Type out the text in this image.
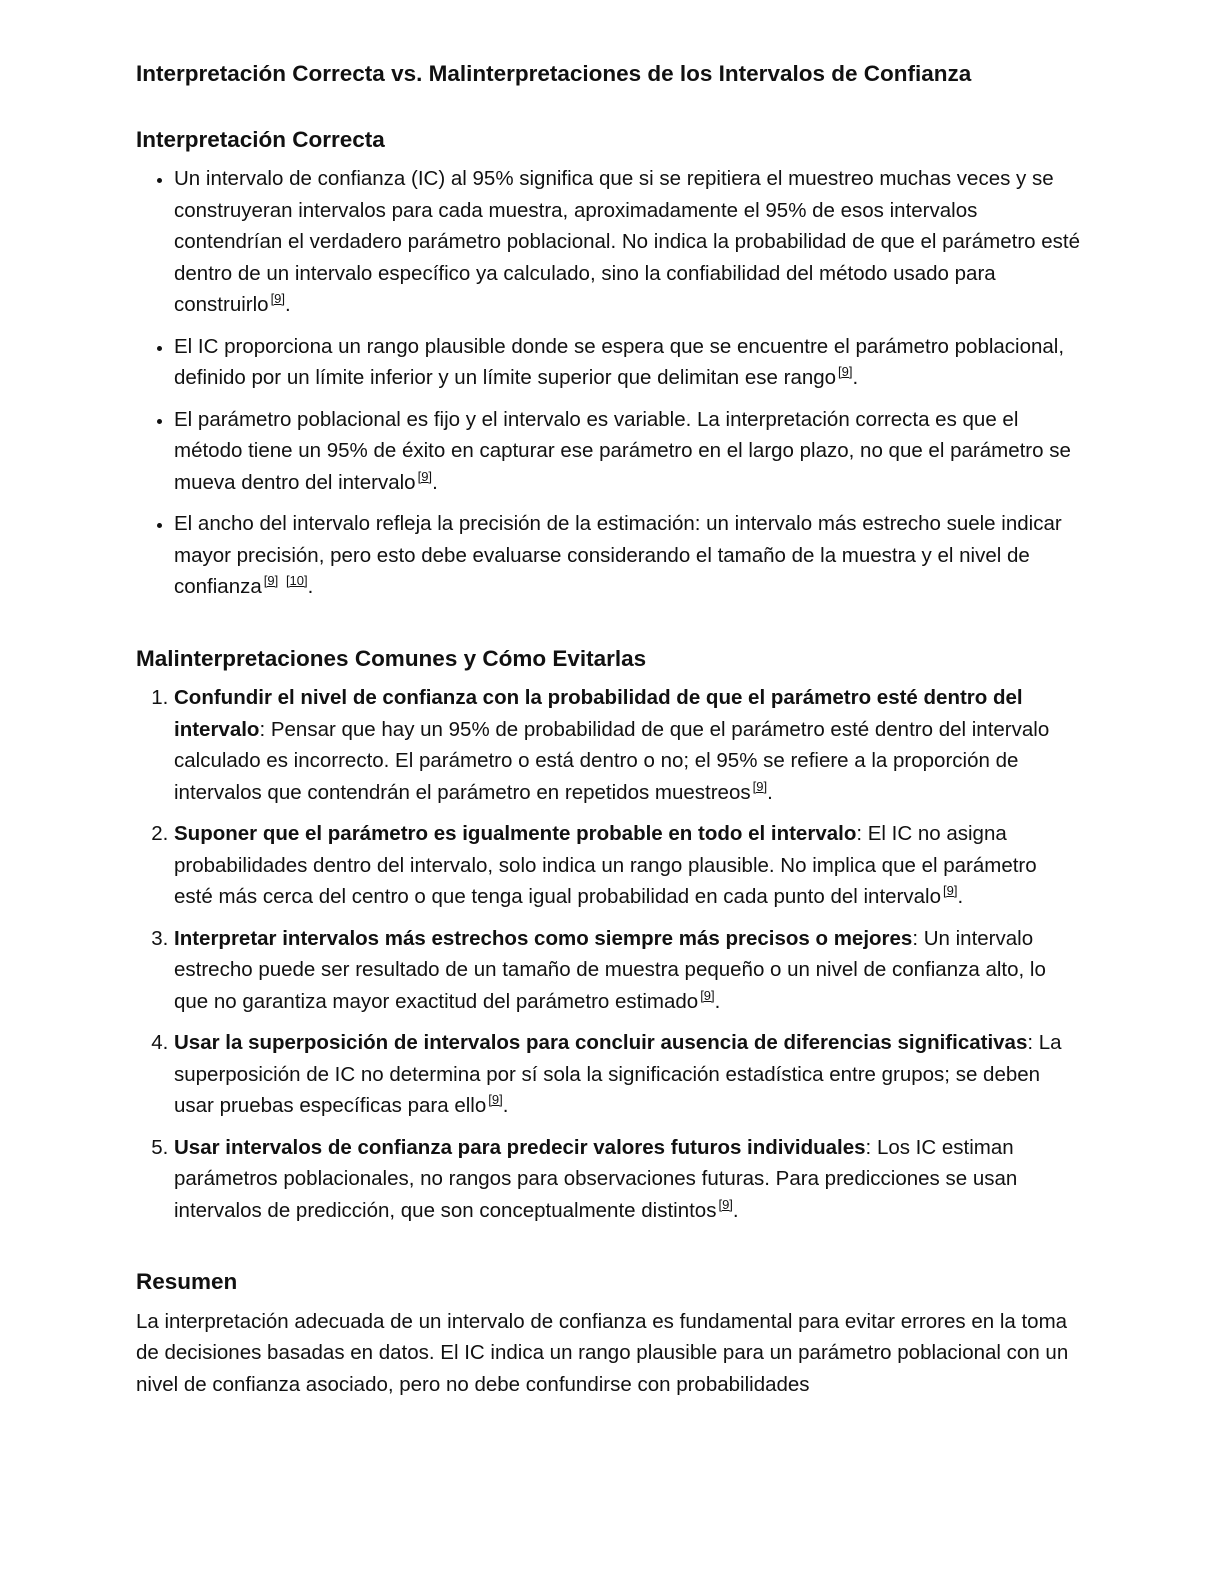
Interpretación Correcta vs. Malinterpretaciones de los Intervalos de Confianza
Interpretación Correcta
• Un intervalo de confianza (IC) al 95% significa que si se repitiera el muestreo muchas veces y se construyeran intervalos para cada muestra, aproximadamente el 95% de esos intervalos contendrían el verdadero parámetro poblacional. No indica la probabilidad de que el parámetro esté dentro de un intervalo específico ya calculado, sino la confiabilidad del método usado para construirlo [9].
• El IC proporciona un rango plausible donde se espera que se encuentre el parámetro poblacional, definido por un límite inferior y un límite superior que delimitan ese rango [9].
• El parámetro poblacional es fijo y el intervalo es variable. La interpretación correcta es que el método tiene un 95% de éxito en capturar ese parámetro en el largo plazo, no que el parámetro se mueva dentro del intervalo [9].
• El ancho del intervalo refleja la precisión de la estimación: un intervalo más estrecho suele indicar mayor precisión, pero esto debe evaluarse considerando el tamaño de la muestra y el nivel de confianza [9] [10].
Malinterpretaciones Comunes y Cómo Evitarlas
1. Confundir el nivel de confianza con la probabilidad de que el parámetro esté dentro del intervalo: Pensar que hay un 95% de probabilidad de que el parámetro esté dentro del intervalo calculado es incorrecto. El parámetro o está dentro o no; el 95% se refiere a la proporción de intervalos que contendrán el parámetro en repetidos muestreos [9].
2. Suponer que el parámetro es igualmente probable en todo el intervalo: El IC no asigna probabilidades dentro del intervalo, solo indica un rango plausible. No implica que el parámetro esté más cerca del centro o que tenga igual probabilidad en cada punto del intervalo [9].
3. Interpretar intervalos más estrechos como siempre más precisos o mejores: Un intervalo estrecho puede ser resultado de un tamaño de muestra pequeño o un nivel de confianza alto, lo que no garantiza mayor exactitud del parámetro estimado [9].
4. Usar la superposición de intervalos para concluir ausencia de diferencias significativas: La superposición de IC no determina por sí sola la significación estadística entre grupos; se deben usar pruebas específicas para ello [9].
5. Usar intervalos de confianza para predecir valores futuros individuales: Los IC estiman parámetros poblacionales, no rangos para observaciones futuras. Para predicciones se usan intervalos de predicción, que son conceptualmente distintos [9].
Resumen

La interpretación adecuada de un intervalo de confianza es fundamental para evitar errores en la toma de decisiones basadas en datos. El IC indica un rango plausible para un parámetro poblacional con un nivel de confianza asociado, pero no debe confundirse con probabilidades
